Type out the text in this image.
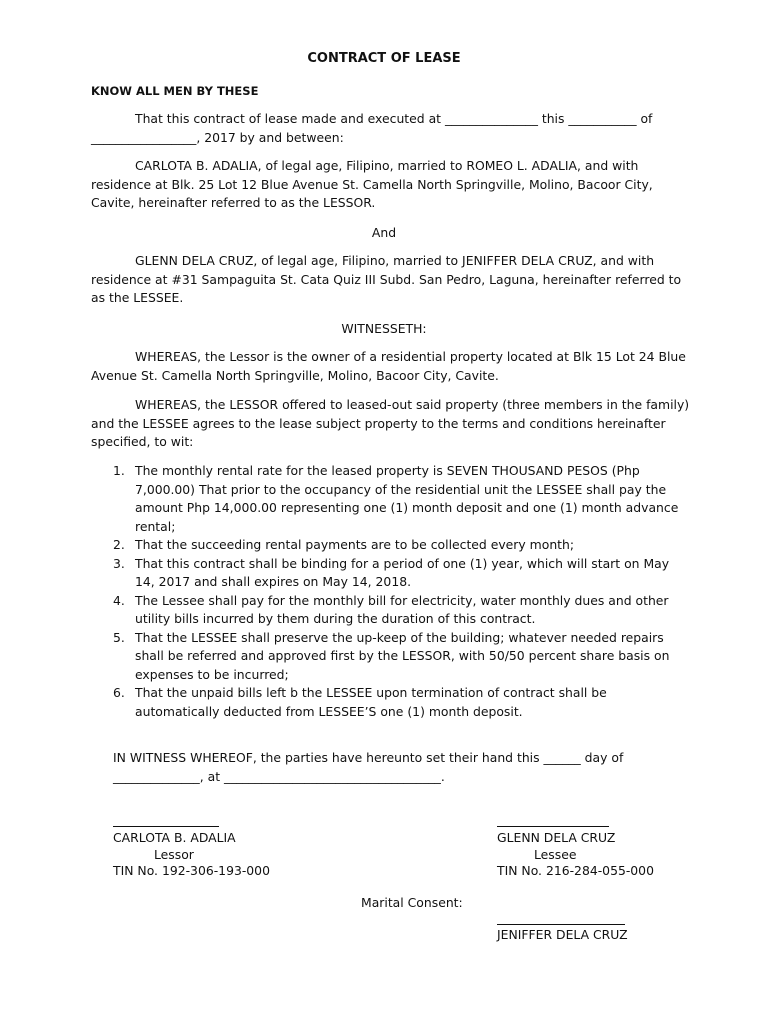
CONTRACT OF LEASE
KNOW ALL MEN BY THESE
That this contract of lease made and executed at _______________ this ___________ of _________________, 2017 by and between:
CARLOTA B. ADALIA, of legal age, Filipino, married to ROMEO L. ADALIA, and with residence at Blk. 25 Lot 12 Blue Avenue St. Camella North Springville, Molino, Bacoor City, Cavite, hereinafter referred to as the LESSOR.
And
GLENN DELA CRUZ, of legal age, Filipino, married to JENIFFER DELA CRUZ, and with residence at #31 Sampaguita St. Cata Quiz III Subd. San Pedro, Laguna, hereinafter referred to as the LESSEE.
WITNESSETH:
WHEREAS, the Lessor is the owner of a residential property located at Blk 15 Lot 24 Blue Avenue St. Camella North Springville, Molino, Bacoor City, Cavite.
WHEREAS, the LESSOR offered to leased-out said property (three members in the family) and the LESSEE agrees to the lease subject property to the terms and conditions hereinafter specified, to wit:
1. The monthly rental rate for the leased property is SEVEN THOUSAND PESOS (Php 7,000.00) That prior to the occupancy of the residential unit the LESSEE shall pay the amount Php 14,000.00 representing one (1) month deposit and one (1) month advance rental;
2. That the succeeding rental payments are to be collected every month;
3. That this contract shall be binding for a period of one (1) year, which will start on May 14, 2017 and shall expires on May 14, 2018.
4. The Lessee shall pay for the monthly bill for electricity, water monthly dues and other utility bills incurred by them during the duration of this contract.
5. That the LESSEE shall preserve the up-keep of the building; whatever needed repairs shall be referred and approved first by the LESSOR, with 50/50 percent share basis on expenses to be incurred;
6. That the unpaid bills left b the LESSEE upon termination of contract shall be automatically deducted from LESSEE’S one (1) month deposit.
IN WITNESS WHEREOF, the parties have hereunto set their hand this ______ day of ______________, at ___________________________________.
CARLOTA B. ADALIA
Lessor
TIN No. 192-306-193-000
GLENN DELA CRUZ
Lessee
TIN No. 216-284-055-000
Marital Consent:
JENIFFER DELA CRUZ
